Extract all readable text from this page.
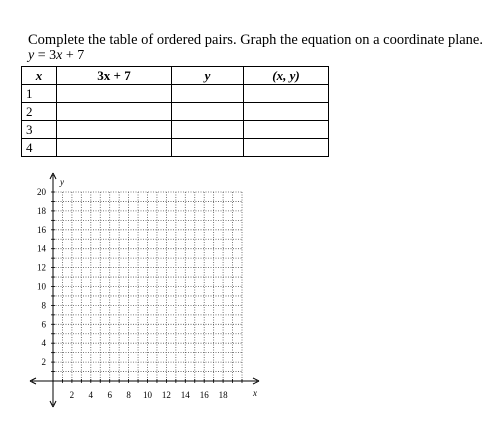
Complete the table of ordered pairs. Graph the equation on a coordinate plane.
y = 3x + 7
x	3x + 7	y	(x, y)
1			
2			
3			
4			
2 4 6 8 10 12 14 16 18
20
18
16
14
12
10
8
6
4
2
x
y
